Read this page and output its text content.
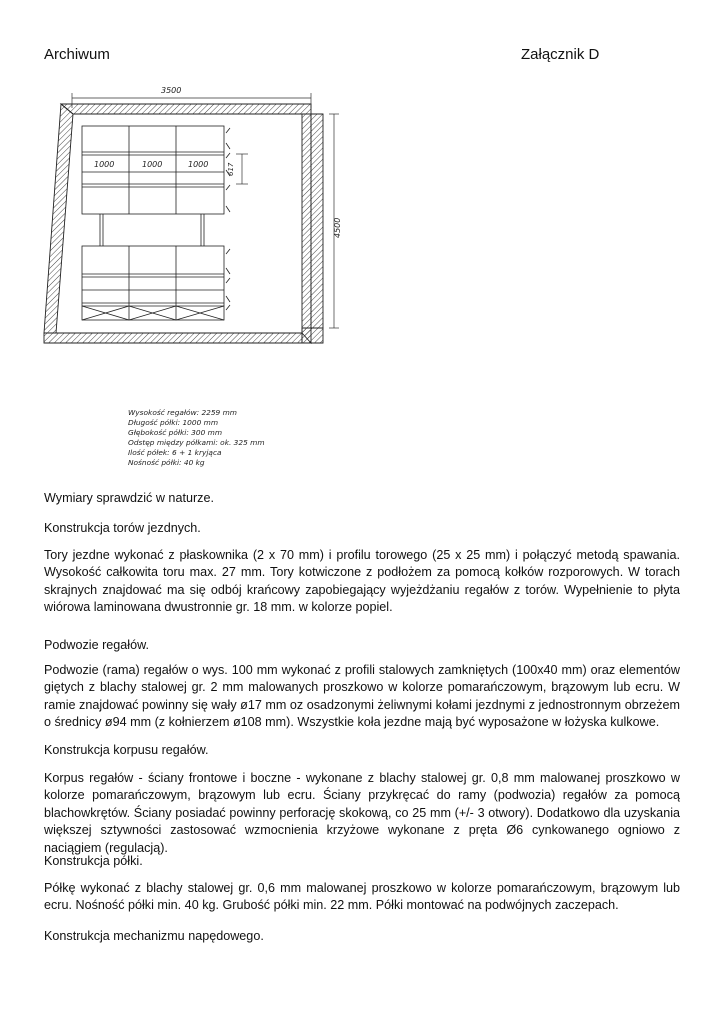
Archiwum	Załącznik D
3500
4500
1000	1000	1000	617
Wysokość regałów: 2259 mm
Długość półki: 1000 mm
Głębokość półki: 300 mm
Odstęp między półkami: ok. 325 mm
Ilość półek: 6 + 1 kryjąca
Nośność półki: 40 kg

Wymiary sprawdzić w naturze.

Konstrukcja torów jezdnych.

Tory jezdne wykonać z płaskownika (2 x 70 mm) i profilu torowego (25 x 25 mm) i połączyć metodą spawania. Wysokość całkowita toru max. 27 mm. Tory kotwiczone z podłożem za pomocą kołków rozporowych. W torach skrajnych znajdować ma się odbój krańcowy zapobiegający wyjeżdżaniu regałów z torów. Wypełnienie to płyta wiórowa laminowana dwustronnie gr. 18 mm. w kolorze popiel.

Podwozie regałów.

Podwozie (rama) regałów o wys. 100 mm wykonać z profili stalowych zamkniętych (100x40 mm) oraz elementów giętych z blachy stalowej gr. 2 mm malowanych proszkowo w kolorze pomarańczowym, brązowym lub ecru. W ramie znajdować powinny się wały ø17 mm oz osadzonymi żeliwnymi kołami jezdnymi z jednostronnym obrzeżem o średnicy ø94 mm (z kołnierzem ø108 mm). Wszystkie koła jezdne mają być wyposażone w łożyska kulkowe.

Konstrukcja korpusu regałów.

Korpus regałów - ściany frontowe i boczne - wykonane z blachy stalowej gr. 0,8 mm malowanej proszkowo w kolorze pomarańczowym, brązowym lub ecru. Ściany przykręcać do ramy (podwozia) regałów za pomocą blachowkrętów. Ściany posiadać powinny perforację skokową, co 25 mm (+/- 3 otwory). Dodatkowo dla uzyskania większej sztywności zastosować wzmocnienia krzyżowe wykonane z pręta Ø6 cynkowanego ogniowo z naciągiem (regulacją).

Konstrukcja półki.

Półkę wykonać z blachy stalowej gr. 0,6 mm malowanej proszkowo w kolorze pomarańczowym, brązowym lub ecru. Nośność półki min. 40 kg. Grubość półki min. 22 mm. Półki montować na podwójnych zaczepach.

Konstrukcja mechanizmu napędowego.
